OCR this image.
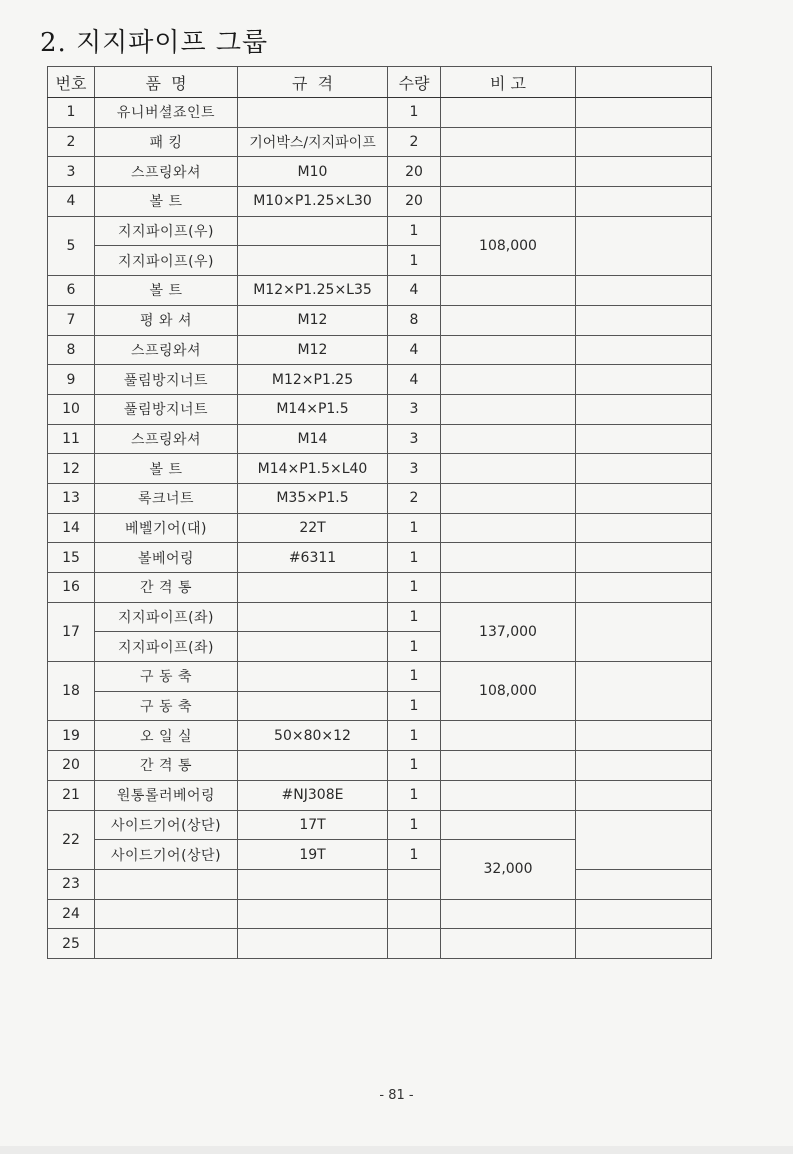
2. 지지파이프 그룹
번호	품  명	규  격	수량	비 고	
1	유니버셜죠인트		1		
2	패 킹	기어박스/지지파이프	2		
3	스프링와셔	M10	20		
4	볼 트	M10×P1.25×L30	20		
5	지지파이프(우)		1	108,000	
	지지파이프(우)		1		
6	볼 트	M12×P1.25×L35	4		
7	평 와 셔	M12	8		
8	스프링와셔	M12	4		
9	풀림방지너트	M12×P1.25	4		
10	풀림방지너트	M14×P1.5	3		
11	스프링와셔	M14	3		
12	볼 트	M14×P1.5×L40	3		
13	록크너트	M35×P1.5	2		
14	베벨기어(대)	22T	1		
15	볼베어링	#6311	1		
16	간 격 통		1		
17	지지파이프(좌)		1	137,000	
	지지파이프(좌)		1		
18	구 동 축		1	108,000	
	구 동 축		1		
19	오 일 실	50×80×12	1		
20	간 격 통		1		
21	원통롤러베어링	#NJ308E	1		
22	사이드기어(상단)	17T	1		
	사이드기어(상단)	19T	1	32,000	
23					
24					
25					
- 81 -
